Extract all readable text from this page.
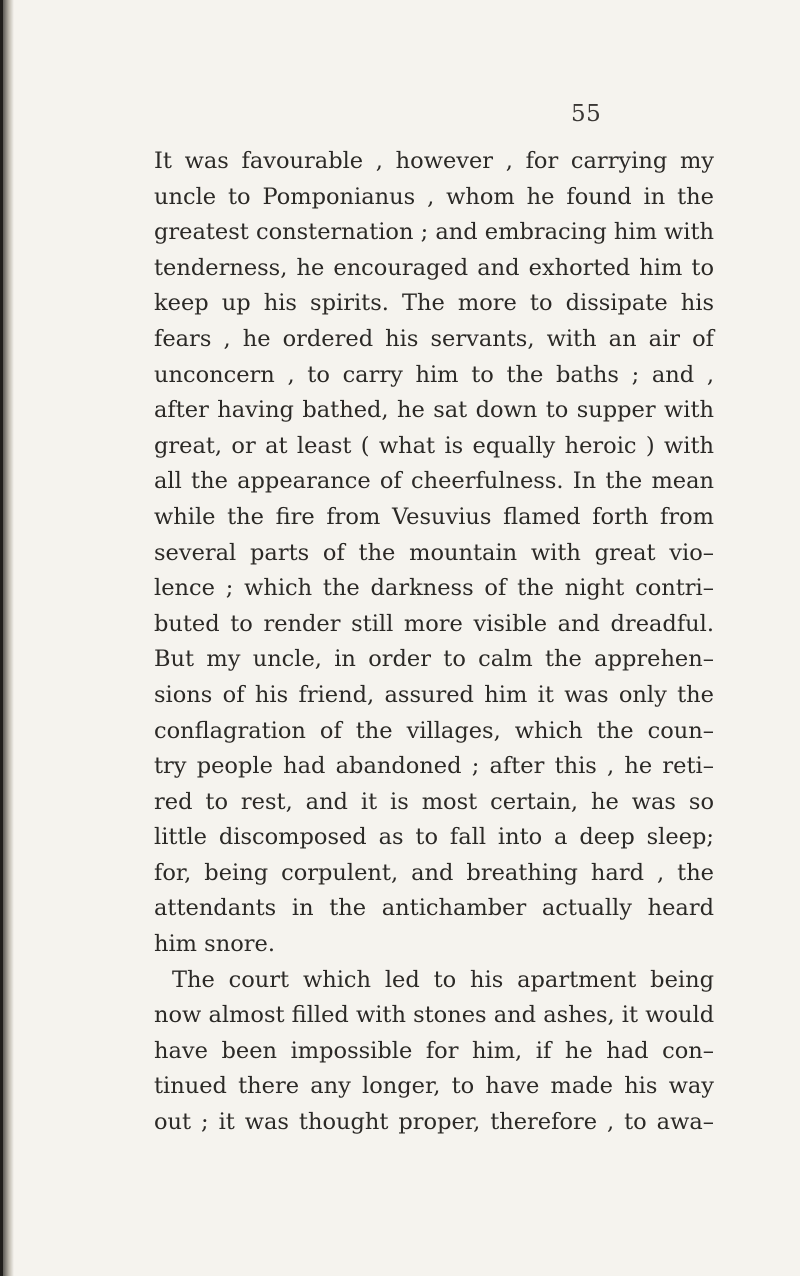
55
It was favourable , however , for carrying my
uncle to Pomponianus , whom he found in the
greatest consternation ; and embracing him with
tenderness, he encouraged and exhorted him to
keep up his spirits. The more to dissipate his
fears , he ordered his servants, with an air of
unconcern , to carry him to the baths ; and ,
after having bathed, he sat down to supper with
great, or at least ( what is equally heroic ) with
all the appearance of cheerfulness. In the mean
while the fire from Vesuvius flamed forth from
several parts of the mountain with great vio–
lence ; which the darkness of the night contri–
buted to render still more visible and dreadful.
But my uncle, in order to calm the apprehen–
sions of his friend, assured him it was only the
conflagration of the villages, which the coun–
try people had abandoned ; after this , he reti–
red to rest, and it is most certain, he was so
little discomposed as to fall into a deep sleep;
for, being corpulent, and breathing hard , the
attendants in the antichamber actually heard
him snore.
The court which led to his apartment being
now almost filled with stones and ashes, it would
have been impossible for him, if he had con–
tinued there any longer, to have made his way
out ; it was thought proper, therefore , to awa–
